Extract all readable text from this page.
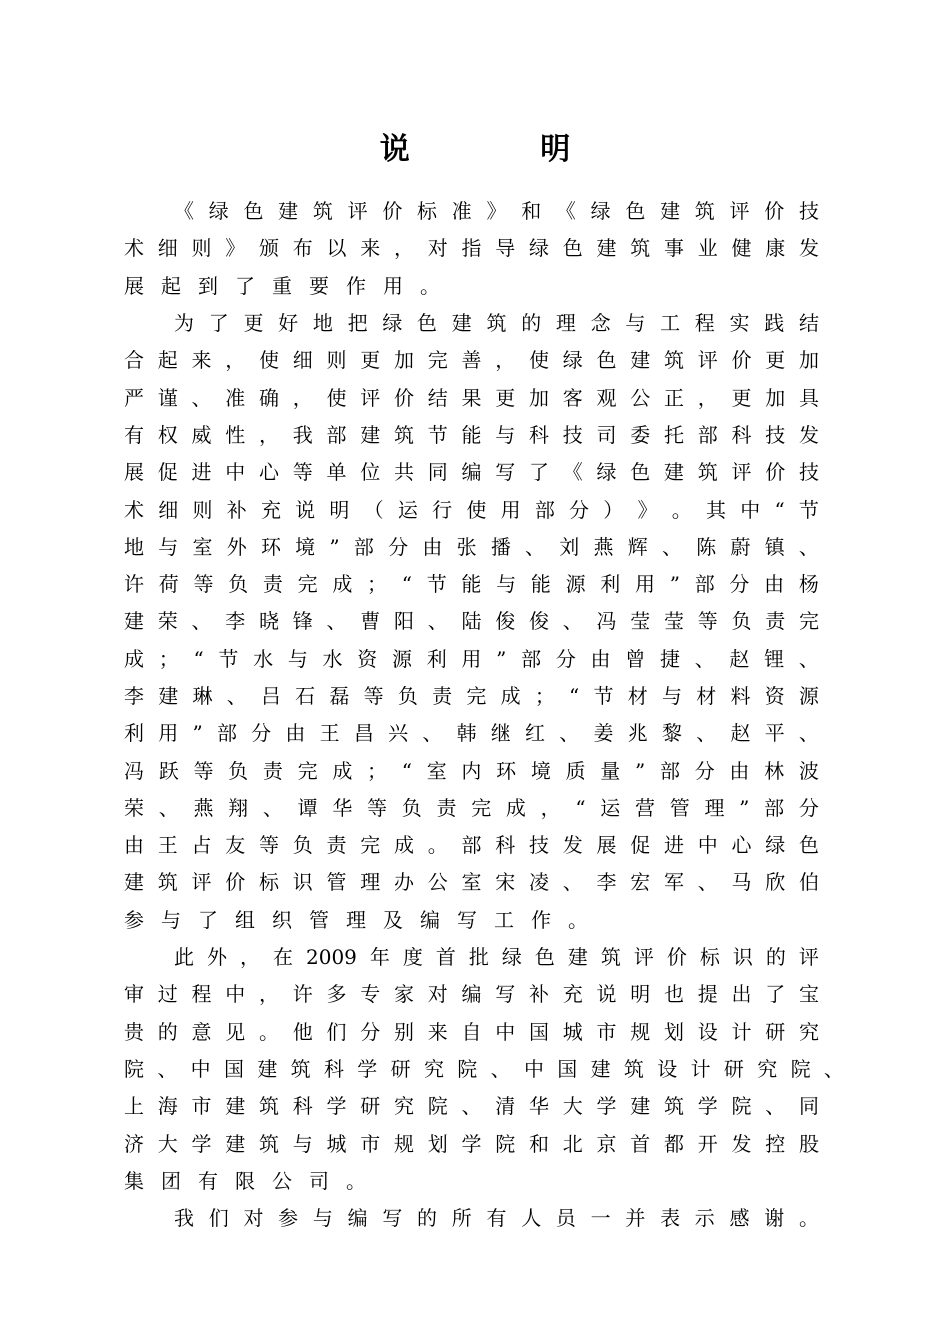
说 明
《 绿 色 建 筑 评 价 标 准 》 和 《 绿 色 建 筑 评 价 技
术 细 则 》 颁 布 以 来 ， 对 指 导 绿 色 建 筑 事 业 健 康 发
展 起 到 了 重 要 作 用 。
为 了 更 好 地 把 绿 色 建 筑 的 理 念 与 工 程 实 践 结
合 起 来 ， 使 细 则 更 加 完 善 ， 使 绿 色 建 筑 评 价 更 加
严 谨 、 准 确 ， 使 评 价 结 果 更 加 客 观 公 正 ， 更 加 具
有 权 威 性 ， 我 部 建 筑 节 能 与 科 技 司 委 托 部 科 技 发
展 促 进 中 心 等 单 位 共 同 编 写 了 《 绿 色 建 筑 评 价 技
术 细 则 补 充 说 明 （ 运 行 使 用 部 分 ） 》 。 其 中 “ 节
地 与 室 外 环 境 ” 部 分 由 张 播 、 刘 燕 辉 、 陈 蔚 镇 、
许 荷 等 负 责 完 成 ； “ 节 能 与 能 源 利 用 ” 部 分 由 杨
建 荣 、 李 晓 锋 、 曹 阳 、 陆 俊 俊 、 冯 莹 莹 等 负 责 完
成 ； “ 节 水 与 水 资 源 利 用 ” 部 分 由 曾 捷 、 赵 锂 、
李 建 琳 、 吕 石 磊 等 负 责 完 成 ； “ 节 材 与 材 料 资 源
利 用 ” 部 分 由 王 昌 兴 、 韩 继 红 、 姜 兆 黎 、 赵 平 、
冯 跃 等 负 责 完 成 ； “ 室 内 环 境 质 量 ” 部 分 由 林 波
荣 、 燕 翔 、 谭 华 等 负 责 完 成 ， “ 运 营 管 理 ” 部 分
由 王 占 友 等 负 责 完 成 。 部 科 技 发 展 促 进 中 心 绿 色
建 筑 评 价 标 识 管 理 办 公 室 宋 凌 、 李 宏 军 、 马 欣 伯
参 与 了 组 织 管 理 及 编 写 工 作 。
此 外 ， 在 2009 年 度 首 批 绿 色 建 筑 评 价 标 识 的 评
审 过 程 中 ， 许 多 专 家 对 编 写 补 充 说 明 也 提 出 了 宝
贵 的 意 见 。 他 们 分 别 来 自 中 国 城 市 规 划 设 计 研 究
院 、 中 国 建 筑 科 学 研 究 院 、 中 国 建 筑 设 计 研 究 院 、
上 海 市 建 筑 科 学 研 究 院 、 清 华 大 学 建 筑 学 院 、 同
济 大 学 建 筑 与 城 市 规 划 学 院 和 北 京 首 都 开 发 控 股
集 团 有 限 公 司 。
我 们 对 参 与 编 写 的 所 有 人 员 一 并 表 示 感 谢 。
